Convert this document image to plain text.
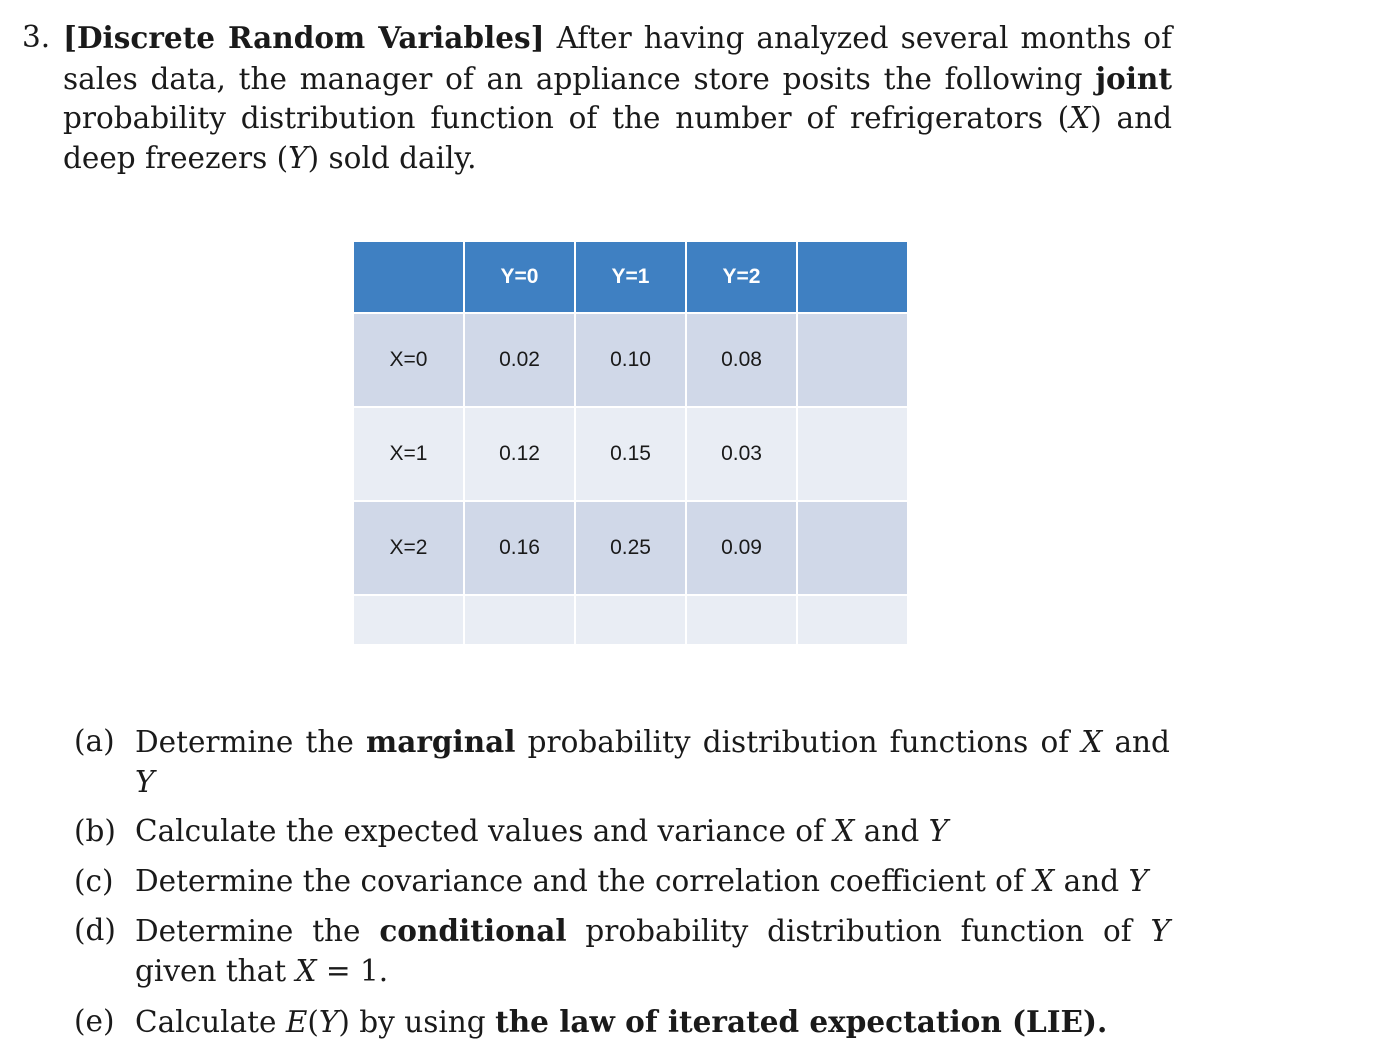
3. [Discrete Random Variables] After having analyzed several months of sales data, the manager of an appliance store posits the following joint probability distribution function of the number of refrigerators (X) and deep freezers (Y) sold daily.
	Y=0	Y=1	Y=2	
X=0	0.02	0.10	0.08	
X=1	0.12	0.15	0.03	
X=2	0.16	0.25	0.09	

(a) Determine the marginal probability distribution functions of X and Y
(b) Calculate the expected values and variance of X and Y
(c) Determine the covariance and the correlation coefficient of X and Y
(d) Determine the conditional probability distribution function of Y given that X = 1.
(e) Calculate E(Y) by using the law of iterated expectation (LIE).
